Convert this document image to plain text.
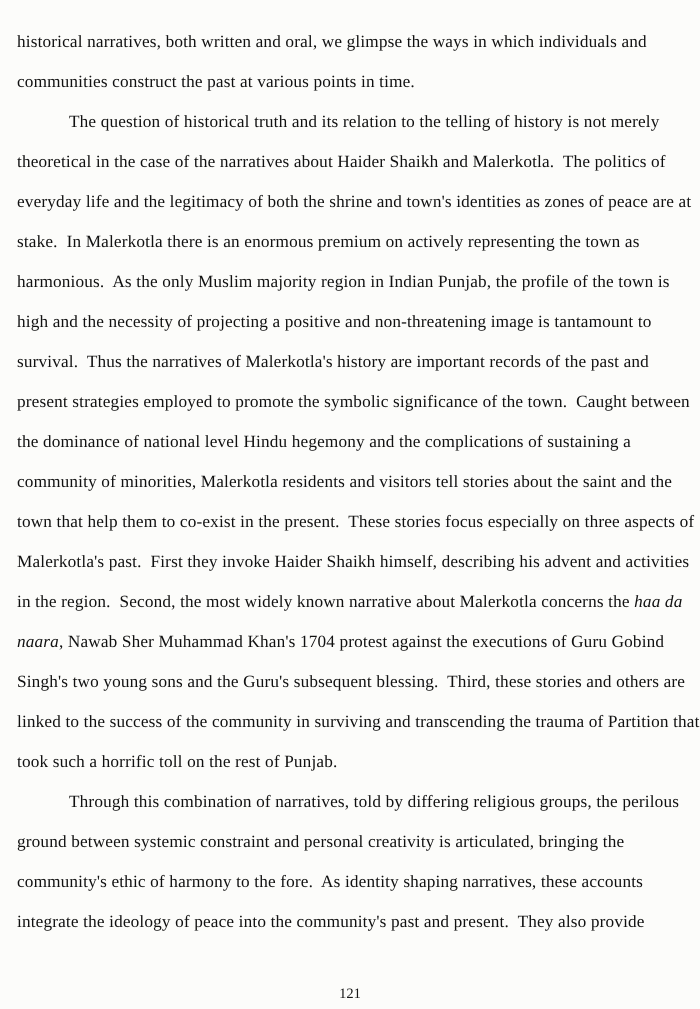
historical narratives, both written and oral, we glimpse the ways in which individuals and
communities construct the past at various points in time.
The question of historical truth and its relation to the telling of history is not merely
theoretical in the case of the narratives about Haider Shaikh and Malerkotla.  The politics of
everyday life and the legitimacy of both the shrine and town's identities as zones of peace are at
stake.  In Malerkotla there is an enormous premium on actively representing the town as
harmonious.  As the only Muslim majority region in Indian Punjab, the profile of the town is
high and the necessity of projecting a positive and non-threatening image is tantamount to
survival.  Thus the narratives of Malerkotla's history are important records of the past and
present strategies employed to promote the symbolic significance of the town.  Caught between
the dominance of national level Hindu hegemony and the complications of sustaining a
community of minorities, Malerkotla residents and visitors tell stories about the saint and the
town that help them to co-exist in the present.  These stories focus especially on three aspects of
Malerkotla's past.  First they invoke Haider Shaikh himself, describing his advent and activities
in the region.  Second, the most widely known narrative about Malerkotla concerns the haa da
naara, Nawab Sher Muhammad Khan's 1704 protest against the executions of Guru Gobind
Singh's two young sons and the Guru's subsequent blessing.  Third, these stories and others are
linked to the success of the community in surviving and transcending the trauma of Partition that
took such a horrific toll on the rest of Punjab.
Through this combination of narratives, told by differing religious groups, the perilous
ground between systemic constraint and personal creativity is articulated, bringing the
community's ethic of harmony to the fore.  As identity shaping narratives, these accounts
integrate the ideology of peace into the community's past and present.  They also provide
121
